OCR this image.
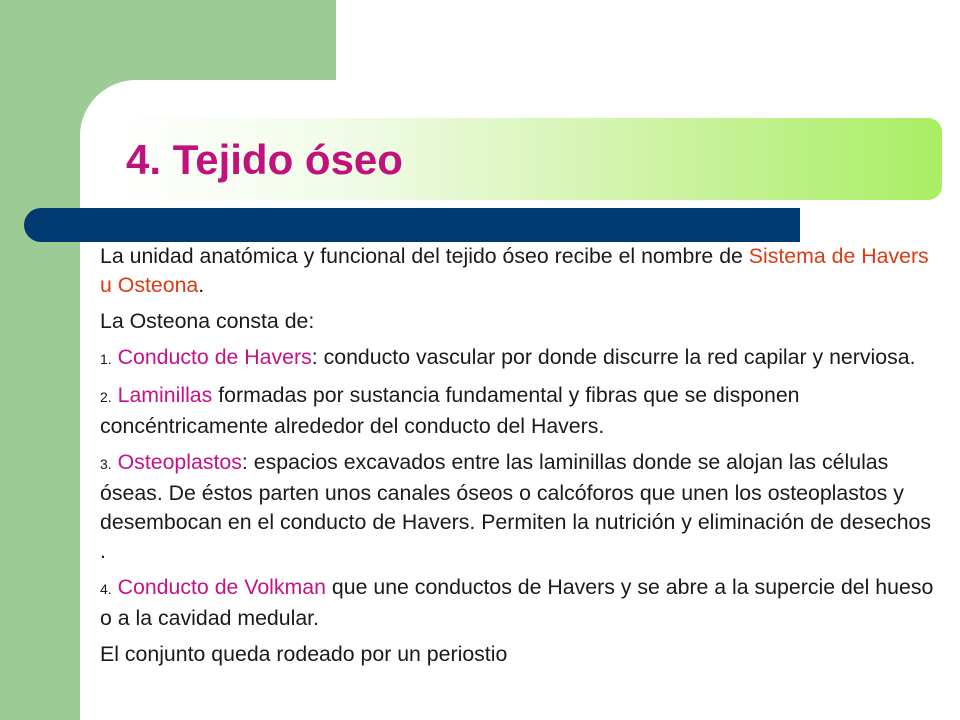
4. Tejido óseo

La unidad anatómica y funcional del tejido óseo recibe el nombre de Sistema de Havers u Osteona.

La Osteona consta de:

1. Conducto de Havers: conducto vascular por donde discurre la red capilar y nerviosa.

2. Laminillas formadas por sustancia fundamental y fibras que se disponen concéntricamente alrededor del conducto del Havers.

3. Osteoplastos: espacios excavados entre las laminillas donde se alojan las células óseas. De éstos parten unos canales óseos o calcóforos que unen los osteoplastos y desembocan en el conducto de Havers. Permiten la nutrición y eliminación de desechos .

4. Conducto de Volkman que une conductos de Havers y se abre a la supercie del hueso o a la cavidad medular.

El conjunto queda rodeado por un periostio
